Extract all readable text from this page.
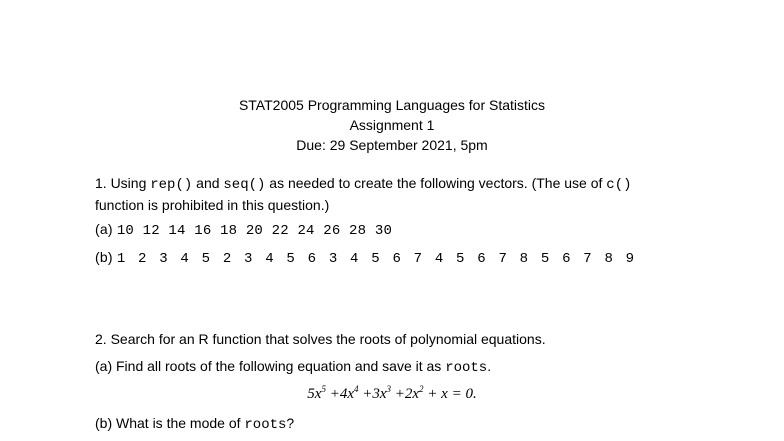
STAT2005 Programming Languages for Statistics
Assignment 1
Due: 29 September 2021, 5pm
1. Using rep() and seq() as needed to create the following vectors. (The use of c()
function is prohibited in this question.)
(a) 10 12 14 16 18 20 22 24 26 28 30
(b) 1 2 3 4 5 2 3 4 5 6 3 4 5 6 7 4 5 6 7 8 5 6 7 8 9
2. Search for an R function that solves the roots of polynomial equations.
(a) Find all roots of the following equation and save it as roots.
$5x^5 +4x^4 +3x^3 +2x^2 + x = 0$.
(b) What is the mode of roots?
